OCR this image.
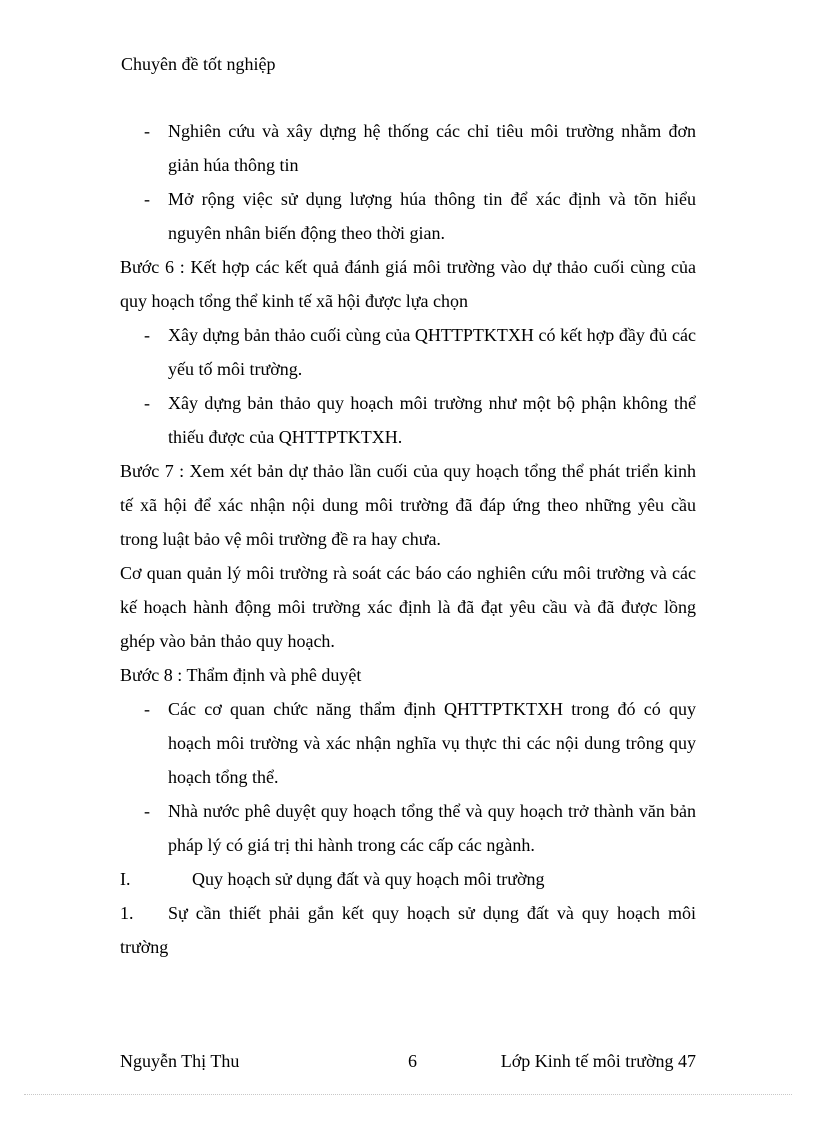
Chuyên đề tốt nghiệp

- Nghiên cứu và xây dựng hệ thống các chỉ tiêu môi trường nhằm đơn giản húa thông tin

- Mở rộng việc sử dụng lượng húa thông tin để xác định và tõn hiểu nguyên nhân biến động theo thời gian.

Bước 6 : Kết hợp các kết quả đánh giá môi trường vào dự thảo cuối cùng của quy hoạch tổng thể kinh tế xã hội được lựa chọn

- Xây dựng bản thảo cuối cùng của QHTTPTKTXH có kết hợp đầy đủ các yếu tố môi trường.

- Xây dựng bản thảo quy hoạch môi trường như một bộ phận không thể thiếu được của QHTTPTKTXH.

Bước 7 : Xem xét bản dự thảo lần cuối của quy hoạch tổng thể phát triển kinh tế xã hội để xác nhận nội dung môi trường đã đáp ứng theo những yêu cầu trong luật bảo vệ môi trường đề ra hay chưa.

Cơ quan quản lý môi trường rà soát các báo cáo nghiên cứu môi trường và các kế hoạch hành động môi trường xác định là đã đạt yêu cầu và đã được lồng ghép vào bản thảo quy hoạch.

Bước 8 : Thẩm định và phê duyệt

- Các cơ quan chức năng thẩm định QHTTPTKTXH trong đó có quy hoạch môi trường và xác nhận nghĩa vụ thực thi các nội dung trông quy hoạch tổng thể.

- Nhà nước phê duyệt quy hoạch tổng thể và quy hoạch trở thành văn bản pháp lý có giá trị thi hành trong các cấp các ngành.

I.	Quy hoạch sử dụng đất và quy hoạch môi trường

1. Sự cần thiết phải gắn kết quy hoạch sử dụng đất và quy hoạch môi trường

Nguyễn Thị Thu	6	Lớp Kinh tế môi trường 47
